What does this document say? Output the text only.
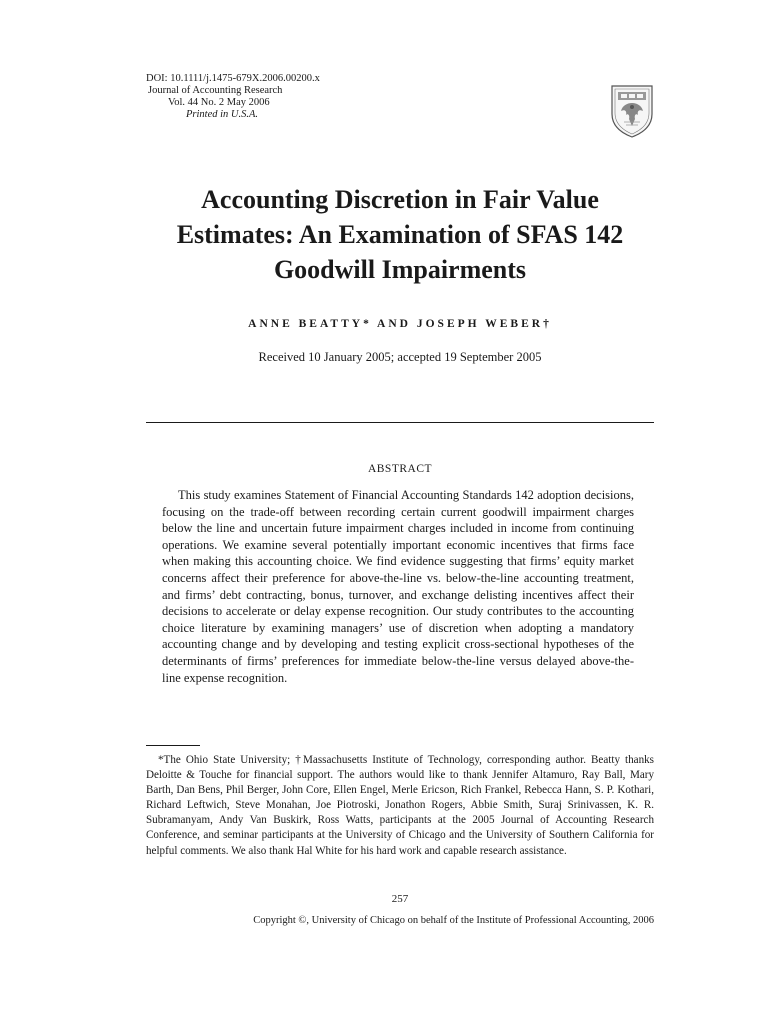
DOI: 10.1111/j.1475-679X.2006.00200.x
Journal of Accounting Research
Vol. 44 No. 2 May 2006
Printed in U.S.A.
Accounting Discretion in Fair Value Estimates: An Examination of SFAS 142 Goodwill Impairments
ANNE BEATTY* AND JOSEPH WEBER†
Received 10 January 2005; accepted 19 September 2005
ABSTRACT

This study examines Statement of Financial Accounting Standards 142 adoption decisions, focusing on the trade-off between recording certain current goodwill impairment charges below the line and uncertain future impairment charges included in income from continuing operations. We examine several potentially important economic incentives that firms face when making this accounting choice. We find evidence suggesting that firms’ equity market concerns affect their preference for above-the-line vs. below-the-line accounting treatment, and firms’ debt contracting, bonus, turnover, and exchange delisting incentives affect their decisions to accelerate or delay expense recognition. Our study contributes to the accounting choice literature by examining managers’ use of discretion when adopting a mandatory accounting change and by developing and testing explicit cross-sectional hypotheses of the determinants of firms’ preferences for immediate below-the-line versus delayed above-the-line expense recognition.

*The Ohio State University; †Massachusetts Institute of Technology, corresponding author. Beatty thanks Deloitte & Touche for financial support. The authors would like to thank Jennifer Altamuro, Ray Ball, Mary Barth, Dan Bens, Phil Berger, John Core, Ellen Engel, Merle Ericson, Rich Frankel, Rebecca Hann, S. P. Kothari, Richard Leftwich, Steve Monahan, Joe Piotroski, Jonathon Rogers, Abbie Smith, Suraj Srinivassen, K. R. Subramanyam, Andy Van Buskirk, Ross Watts, participants at the 2005 Journal of Accounting Research Conference, and seminar participants at the University of Chicago and the University of Southern California for helpful comments. We also thank Hal White for his hard work and capable research assistance.

257
Copyright ©, University of Chicago on behalf of the Institute of Professional Accounting, 2006
